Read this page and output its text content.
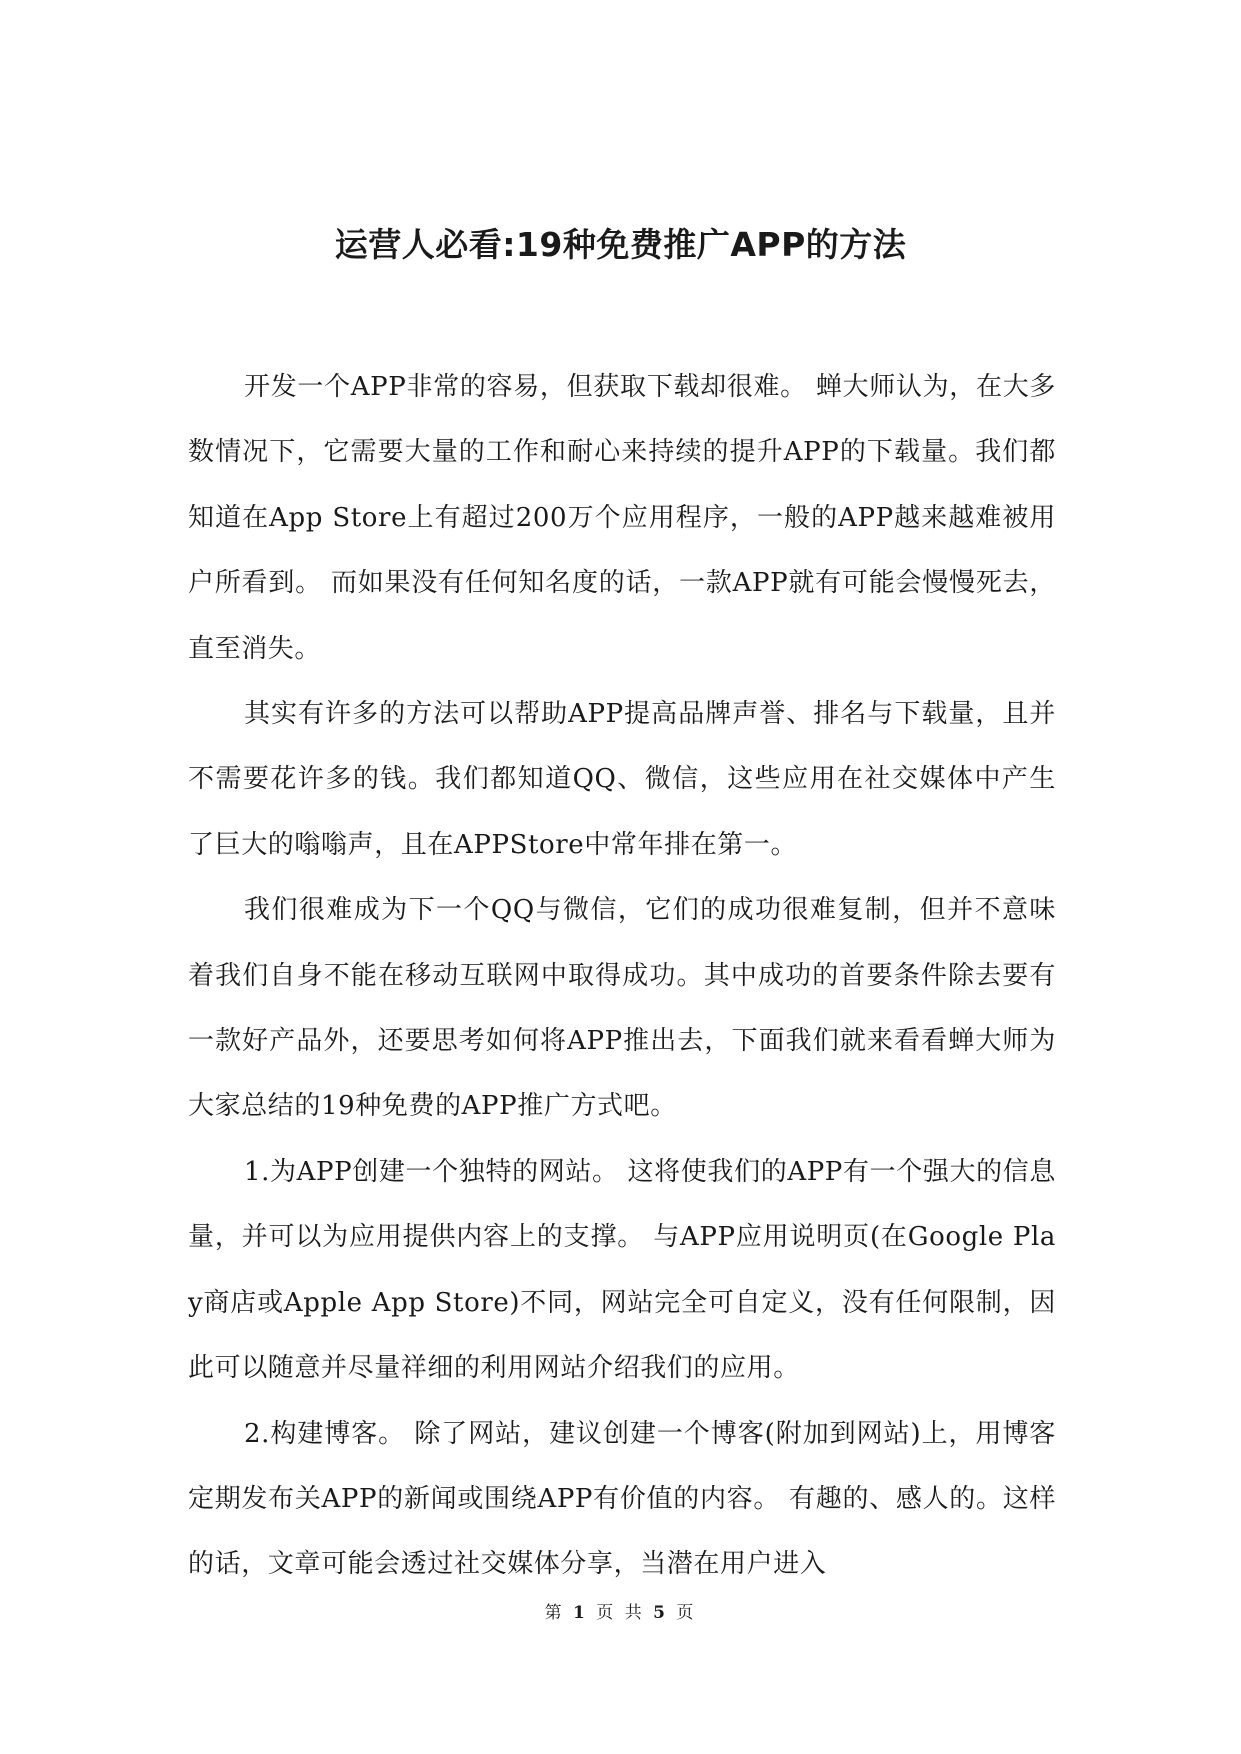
运营人必看:19种免费推广APP的方法

开发一个APP非常的容易，但获取下载却很难。 蝉大师认为，在大多数情况下，它需要大量的工作和耐心来持续的提升APP的下载量。我们都知道在App Store上有超过200万个应用程序，一般的APP越来越难被用户所看到。 而如果没有任何知名度的话，一款APP就有可能会慢慢死去，直至消失。

其实有许多的方法可以帮助APP提高品牌声誉、排名与下载量，且并不需要花许多的钱。我们都知道QQ、微信，这些应用在社交媒体中产生了巨大的嗡嗡声，且在APPStore中常年排在第一。

我们很难成为下一个QQ与微信，它们的成功很难复制，但并不意味着我们自身不能在移动互联网中取得成功。其中成功的首要条件除去要有一款好产品外，还要思考如何将APP推出去，下面我们就来看看蝉大师为大家总结的19种免费的APP推广方式吧。

1.为APP创建一个独特的网站。 这将使我们的APP有一个强大的信息量，并可以为应用提供内容上的支撑。 与APP应用说明页(在Google Play商店或Apple App Store)不同，网站完全可自定义，没有任何限制，因此可以随意并尽量祥细的利用网站介绍我们的应用。

2.构建博客。 除了网站，建议创建一个博客(附加到网站)上，用博客定期发布关APP的新闻或围绕APP有价值的内容。 有趣的、感人的。这样的话，文章可能会透过社交媒体分享，当潜在用户进入

第 1 页 共 5 页
